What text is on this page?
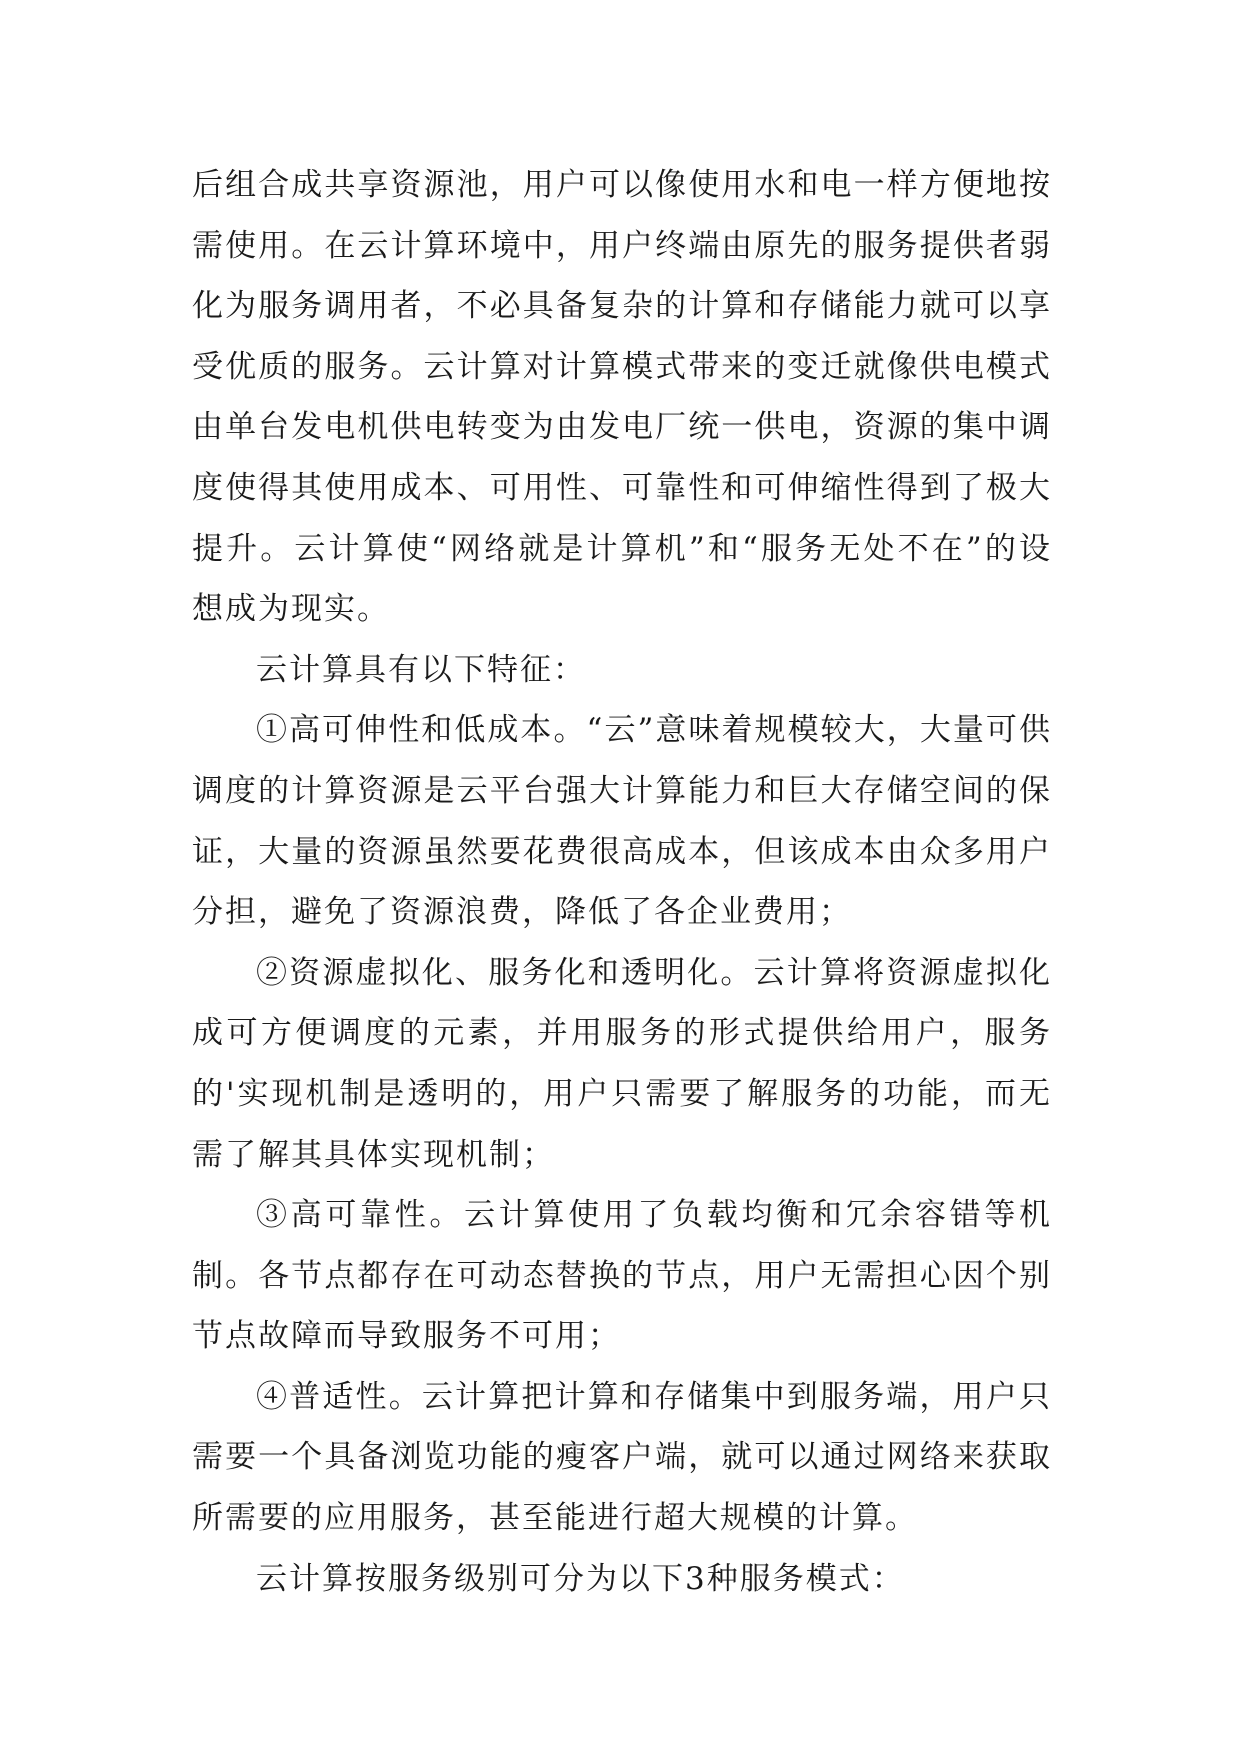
后组合成共享资源池，用户可以像使用水和电一样方便地按需使用。在云计算环境中，用户终端由原先的服务提供者弱化为服务调用者，不必具备复杂的计算和存储能力就可以享受优质的服务。云计算对计算模式带来的变迁就像供电模式由单台发电机供电转变为由发电厂统一供电，资源的集中调度使得其使用成本、可用性、可靠性和可伸缩性得到了极大提升。云计算使“网络就是计算机”和“服务无处不在”的设想成为现实。

云计算具有以下特征：

①高可伸性和低成本。“云”意味着规模较大，大量可供调度的计算资源是云平台强大计算能力和巨大存储空间的保证，大量的资源虽然要花费很高成本，但该成本由众多用户分担，避免了资源浪费，降低了各企业费用；

②资源虚拟化、服务化和透明化。云计算将资源虚拟化成可方便调度的元素，并用服务的形式提供给用户，服务的'实现机制是透明的，用户只需要了解服务的功能，而无需了解其具体实现机制；

③高可靠性。云计算使用了负载均衡和冗余容错等机制。各节点都存在可动态替换的节点，用户无需担心因个别节点故障而导致服务不可用；

④普适性。云计算把计算和存储集中到服务端，用户只需要一个具备浏览功能的瘦客户端，就可以通过网络来获取所需要的应用服务，甚至能进行超大规模的计算。

云计算按服务级别可分为以下3种服务模式：
